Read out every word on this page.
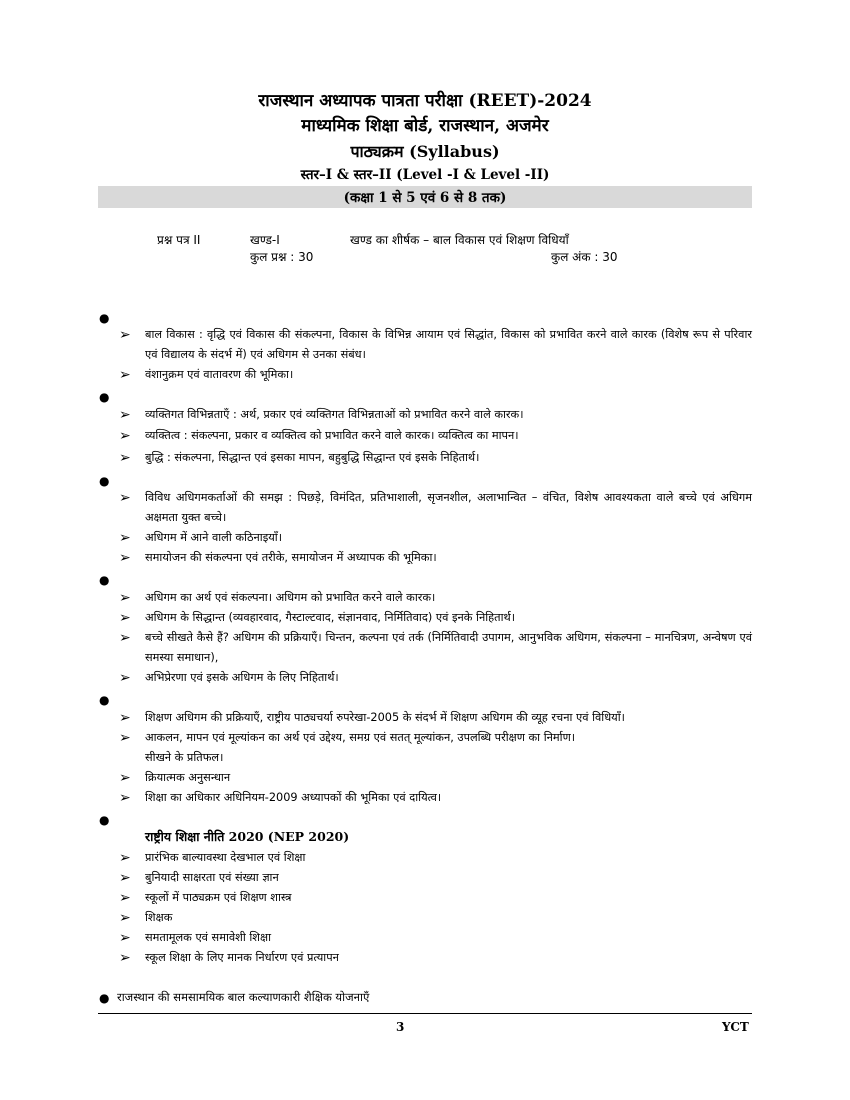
राजस्थान अध्यापक पात्रता परीक्षा (REET)-2024
माध्यमिक शिक्षा बोर्ड, राजस्थान, अजमेर
पाठ्यक्रम (Syllabus)
स्तर–I & स्तर–II (Level -I & Level -II)
(कक्षा 1 से 5 एवं 6 से 8 तक)
प्रश्न पत्र II	खण्ड-I	खण्ड का शीर्षक – बाल विकास एवं शिक्षण विधियाँ
कुल प्रश्न : 30	कुल अंक : 30
●
➢
बाल विकास : वृद्धि एवं विकास की संकल्पना, विकास के विभिन्न आयाम एवं सिद्धांत, विकास को प्रभावित करने वाले कारक (विशेष रूप से परिवार एवं विद्यालय के संदर्भ में) एवं अधिगम से उनका संबंध।
➢
वंशानुक्रम एवं वातावरण की भूमिका।
●
➢
व्यक्तिगत विभिन्नताएँ : अर्थ, प्रकार एवं व्यक्तिगत विभिन्नताओं को प्रभावित करने वाले कारक।
➢
व्यक्तित्व : संकल्पना, प्रकार व व्यक्तित्व को प्रभावित करने वाले कारक। व्यक्तित्व का मापन।
➢
बुद्धि : संकल्पना, सिद्धान्त एवं इसका मापन, बहुबुद्धि सिद्धान्त एवं इसके निहितार्थ।
●
➢
विविध अधिगमकर्ताओं की समझ : पिछड़े, विमंदित, प्रतिभाशाली, सृजनशील, अलाभान्वित – वंचित, विशेष आवश्यकता वाले बच्चे एवं अधिगम अक्षमता युक्त बच्चे।
➢
अधिगम में आने वाली कठिनाइयाँ।
➢
समायोजन की संकल्पना एवं तरीके, समायोजन में अध्यापक की भूमिका।
●
➢
अधिगम का अर्थ एवं संकल्पना। अधिगम को प्रभावित करने वाले कारक।
➢
अधिगम के सिद्धान्त (व्यवहारवाद, गैस्टाल्टवाद, संज्ञानवाद, निर्मितिवाद) एवं इनके निहितार्थ।
➢
बच्चे सीखते कैसे हैं? अधिगम की प्रक्रियाएँ। चिन्तन, कल्पना एवं तर्क (निर्मितिवादी उपागम, आनुभविक अधिगम, संकल्पना – मानचित्रण, अन्वेषण एवं समस्या समाधान),
➢
अभिप्रेरणा एवं इसके अधिगम के लिए निहितार्थ।
●
➢
शिक्षण अधिगम की प्रक्रियाएँ, राष्ट्रीय पाठ्यचर्या रुपरेखा-2005 के संदर्भ में शिक्षण अधिगम की व्यूह रचना एवं विधियाँ।
➢
आकलन, मापन एवं मूल्यांकन का अर्थ एवं उद्देश्य, समग्र एवं सतत् मूल्यांकन, उपलब्धि परीक्षण का निर्माण।
सीखने के प्रतिफल।
➢
क्रियात्मक अनुसन्धान
➢
शिक्षा का अधिकार अधिनियम-2009 अध्यापकों की भूमिका एवं दायित्व।
●
राष्ट्रीय शिक्षा नीति 2020 (NEP 2020)
➢
प्रारंभिक बाल्यावस्था देखभाल एवं शिक्षा
➢
बुनियादी साक्षरता एवं संख्या ज्ञान
➢
स्कूलों में पाठ्यक्रम एवं शिक्षण शास्त्र
➢
शिक्षक
➢
समतामूलक एवं समावेशी शिक्षा
➢
स्कूल शिक्षा के लिए मानक निर्धारण एवं प्रत्यापन
●
राजस्थान की समसामयिक बाल कल्याणकारी शैक्षिक योजनाएँ
3	YCT
